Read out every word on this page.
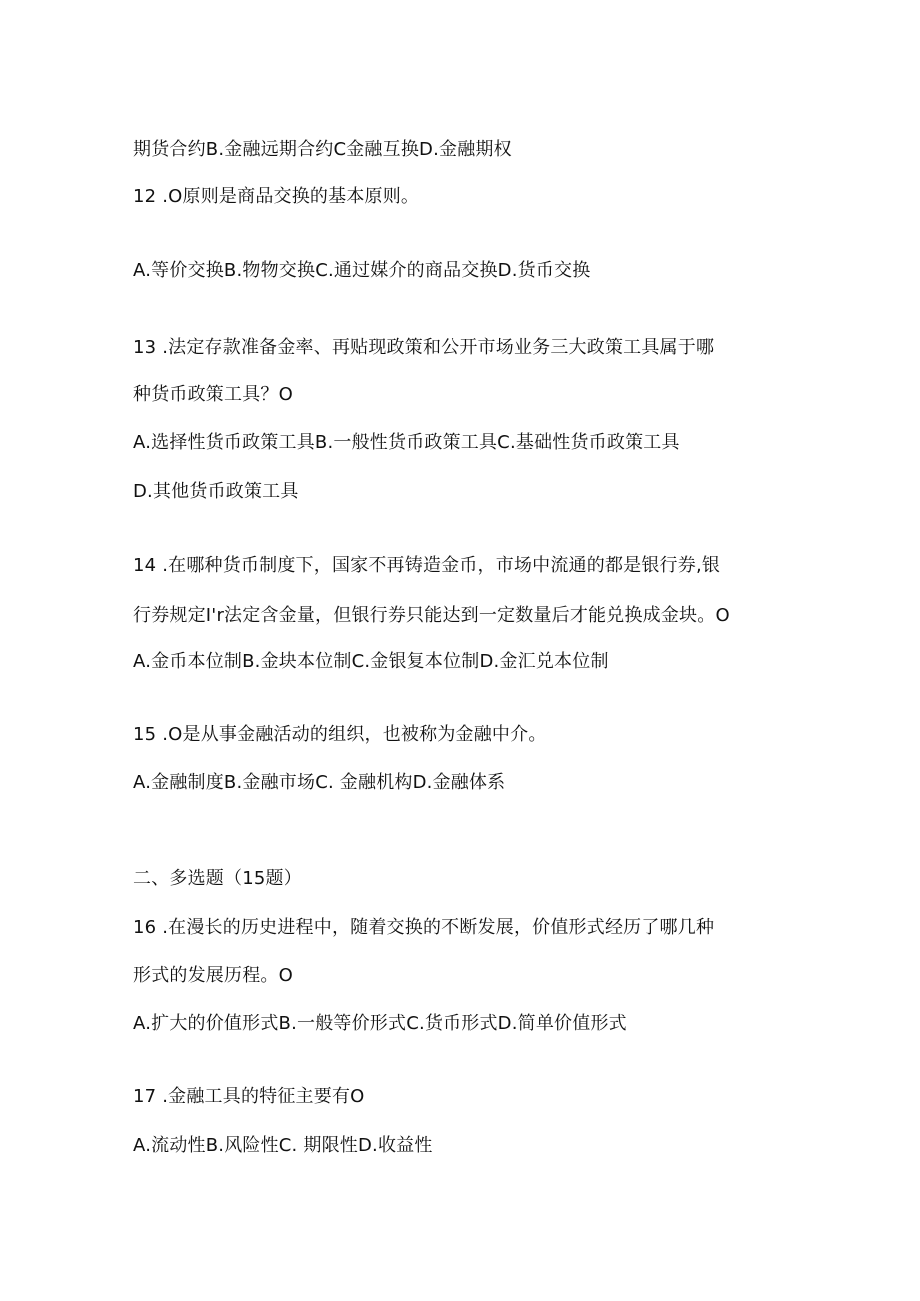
期货合约B.金融远期合约C金融互换D.金融期权
12 .O原则是商品交换的基本原则。
A.等价交换B.物物交换C.通过媒介的商品交换D.货币交换
13 .法定存款准备金率、再贴现政策和公开市场业务三大政策工具属于哪
种货币政策工具？O
A.选择性货币政策工具B.一般性货币政策工具C.基础性货币政策工具
D.其他货币政策工具
14 .在哪种货币制度下，国家不再铸造金币，市场中流通的都是银行券,银
行券规定I'r法定含金量，但银行券只能达到一定数量后才能兑换成金块。O
A.金币本位制B.金块本位制C.金银复本位制D.金汇兑本位制
15 .O是从事金融活动的组织，也被称为金融中介。
A.金融制度B.金融市场C. 金融机构D.金融体系
二、多选题（15题）
16 .在漫长的历史进程中，随着交换的不断发展，价值形式经历了哪几种
形式的发展历程。O
A.扩大的价值形式B.一般等价形式C.货币形式D.简单价值形式
17 .金融工具的特征主要有O
A.流动性B.风险性C. 期限性D.收益性
